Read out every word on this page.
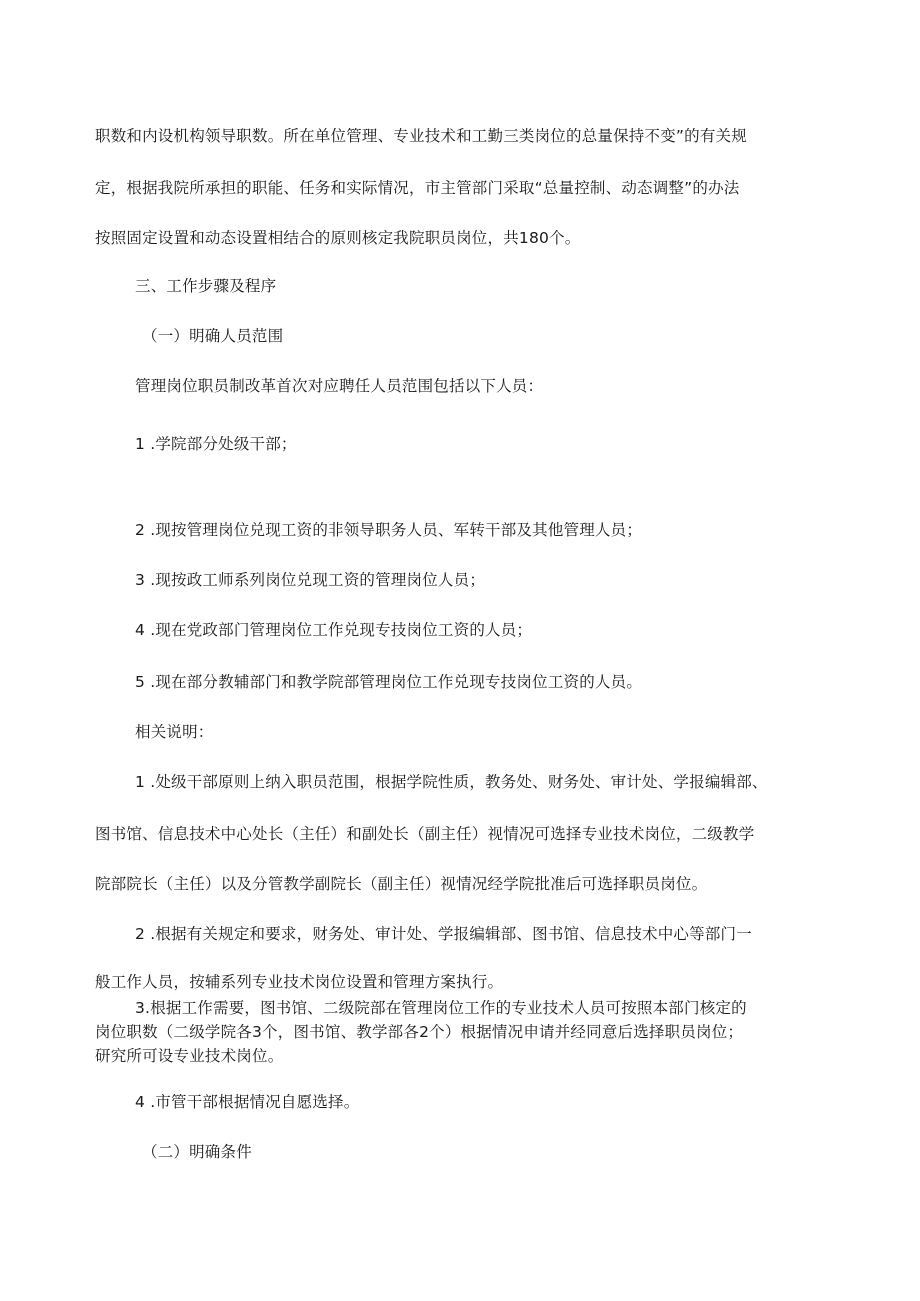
职数和内设机构领导职数。所在单位管理、专业技术和工勤三类岗位的总量保持不变”的有关规
定，根据我院所承担的职能、任务和实际情况，市主管部门采取“总量控制、动态调整”的办法
按照固定设置和动态设置相结合的原则核定我院职员岗位，共180个。
三、工作步骤及程序
（一）明确人员范围
管理岗位职员制改革首次对应聘任人员范围包括以下人员：
1 .学院部分处级干部；
2 .现按管理岗位兑现工资的非领导职务人员、军转干部及其他管理人员；
3 .现按政工师系列岗位兑现工资的管理岗位人员；
4 .现在党政部门管理岗位工作兑现专技岗位工资的人员；
5 .现在部分教辅部门和教学院部管理岗位工作兑现专技岗位工资的人员。
相关说明：
1 .处级干部原则上纳入职员范围，根据学院性质，教务处、财务处、审计处、学报编辑部、
图书馆、信息技术中心处长（主任）和副处长（副主任）视情况可选择专业技术岗位，二级教学
院部院长（主任）以及分管教学副院长（副主任）视情况经学院批准后可选择职员岗位。
2 .根据有关规定和要求，财务处、审计处、学报编辑部、图书馆、信息技术中心等部门一
般工作人员，按辅系列专业技术岗位设置和管理方案执行。
3.根据工作需要，图书馆、二级院部在管理岗位工作的专业技术人员可按照本部门核定的
岗位职数（二级学院各3个，图书馆、教学部各2个）根据情况申请并经同意后选择职员岗位；
研究所可设专业技术岗位。
4 .市管干部根据情况自愿选择。
（二）明确条件
